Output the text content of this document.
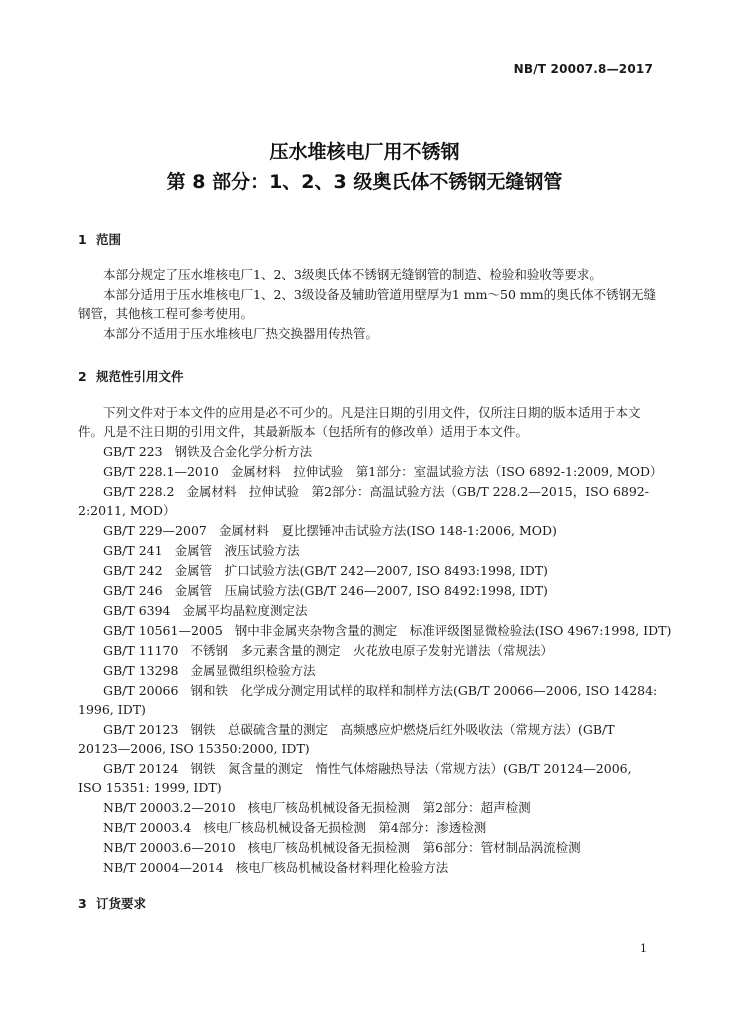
NB/T 20007.8—2017
压水堆核电厂用不锈钢
第 8 部分：1、2、3 级奥氏体不锈钢无缝钢管
1 范围
本部分规定了压水堆核电厂1、2、3级奥氏体不锈钢无缝钢管的制造、检验和验收等要求。
本部分适用于压水堆核电厂1、2、3级设备及辅助管道用壁厚为1 mm～50 mm的奥氏体不锈钢无缝钢管，其他核工程可参考使用。
本部分不适用于压水堆核电厂热交换器用传热管。
2 规范性引用文件
下列文件对于本文件的应用是必不可少的。凡是注日期的引用文件，仅所注日期的版本适用于本文件。凡是不注日期的引用文件，其最新版本（包括所有的修改单）适用于本文件。
GB/T 223 钢铁及合金化学分析方法
GB/T 228.1—2010 金属材料　拉伸试验　第1部分：室温试验方法（ISO 6892-1:2009, MOD）
GB/T 228.2 金属材料　拉伸试验　第2部分：高温试验方法（GB/T 228.2—2015，ISO 6892-2:2011, MOD）
GB/T 229—2007 金属材料　夏比摆锤冲击试验方法(ISO 148-1:2006, MOD)
GB/T 241 金属管　液压试验方法
GB/T 242 金属管　扩口试验方法(GB/T 242—2007, ISO 8493:1998, IDT)
GB/T 246 金属管　压扁试验方法(GB/T 246—2007, ISO 8492:1998, IDT)
GB/T 6394 金属平均晶粒度测定法
GB/T 10561—2005 钢中非金属夹杂物含量的测定　标准评级图显微检验法(ISO 4967:1998, IDT)
GB/T 11170 不锈钢　多元素含量的测定　火花放电原子发射光谱法（常规法）
GB/T 13298 金属显微组织检验方法
GB/T 20066 钢和铁　化学成分测定用试样的取样和制样方法(GB/T 20066—2006, ISO 14284: 1996, IDT)
GB/T 20123 钢铁　总碳硫含量的测定　高频感应炉燃烧后红外吸收法（常规方法）(GB/T 20123—2006, ISO 15350:2000, IDT)
GB/T 20124 钢铁　氮含量的测定　惰性气体熔融热导法（常规方法）(GB/T 20124—2006, ISO 15351: 1999, IDT)
NB/T 20003.2—2010 核电厂核岛机械设备无损检测　第2部分：超声检测
NB/T 20003.4 核电厂核岛机械设备无损检测　第4部分：渗透检测
NB/T 20003.6—2010 核电厂核岛机械设备无损检测　第6部分：管材制品涡流检测
NB/T 20004—2014 核电厂核岛机械设备材料理化检验方法
3 订货要求
1
